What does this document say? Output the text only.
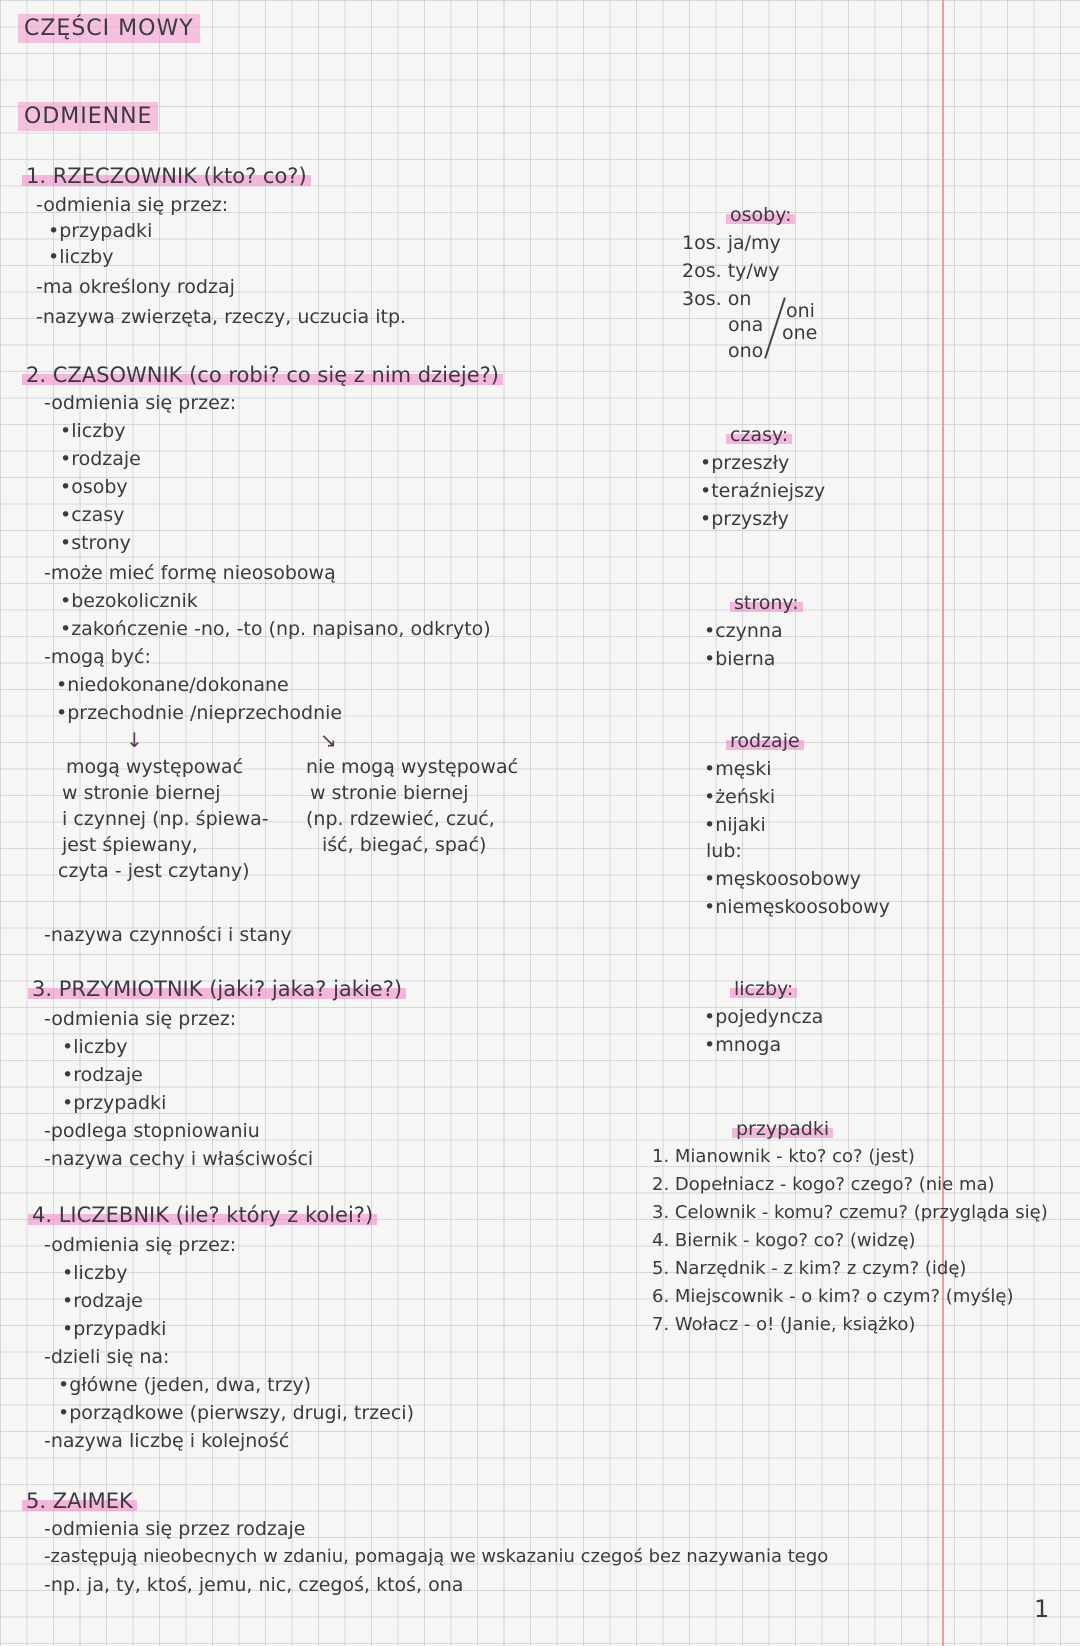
CZĘŚCI MOWY
ODMIENNE
1. RZECZOWNIK (kto? co?)
-odmienia się przez:
•przypadki
•liczby
-ma określony rodzaj
-nazywa zwierzęta, rzeczy, uczucia itp.
2. CZASOWNIK (co robi? co się z nim dzieje?)
-odmienia się przez:
•liczby
•rodzaje
•osoby
•czasy
•strony
-może mieć formę nieosobową
•bezokolicznik
•zakończenie -no, -to (np. napisano, odkryto)
-mogą być:
•niedokonane/dokonane
•przechodnie /nieprzechodnie
↓	↘
mogą występować
w stronie biernej
i czynnej (np. śpiewa-
jest śpiewany,
czyta - jest czytany)
nie mogą występować
w stronie biernej
(np. rdzewieć, czuć,
iść, biegać, spać)
-nazywa czynności i stany
3. PRZYMIOTNIK (jaki? jaka? jakie?)
-odmienia się przez:
•liczby
•rodzaje
•przypadki
-podlega stopniowaniu
-nazywa cechy i właściwości
4. LICZEBNIK (ile? który z kolei?)
-odmienia się przez:
•liczby
•rodzaje
•przypadki
-dzieli się na:
•główne (jeden, dwa, trzy)
•porządkowe (pierwszy, drugi, trzeci)
-nazywa liczbę i kolejność
5. ZAIMEK
-odmienia się przez rodzaje
-zastępują nieobecnych w zdaniu, pomagają we wskazaniu czegoś bez nazywania tego
-np. ja, ty, ktoś, jemu, nic, czegoś, ktoś, ona
osoby:
1os. ja/my
2os. ty/wy
3os. on
ona
ono
oni
one
czasy:
•przeszły
•teraźniejszy
•przyszły
strony:
•czynna
•bierna
rodzaje
•męski
•żeński
•nijaki
lub:
•męskoosobowy
•niemęskoosobowy
liczby:
•pojedyncza
•mnoga
przypadki
1. Mianownik - kto? co? (jest)
2. Dopełniacz - kogo? czego? (nie ma)
3. Celownik - komu? czemu? (przygląda się)
4. Biernik - kogo? co? (widzę)
5. Narzędnik - z kim? z czym? (idę)
6. Miejscownik - o kim? o czym? (myślę)
7. Wołacz - o! (Janie, książko)
1
